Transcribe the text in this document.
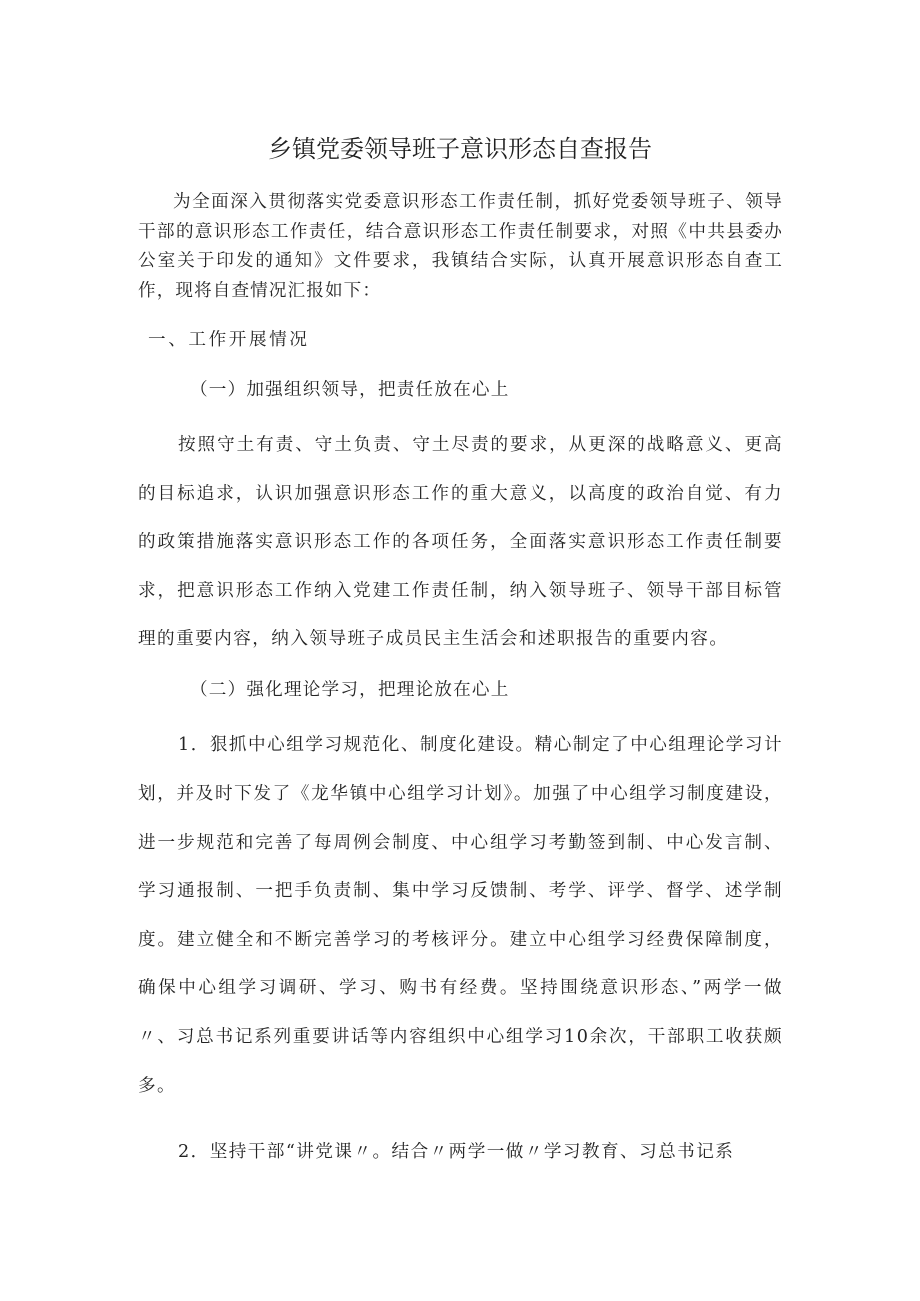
乡镇党委领导班子意识形态自查报告

为全面深入贯彻落实党委意识形态工作责任制，抓好党委领导班子、领导干部的意识形态工作责任，结合意识形态工作责任制要求，对照《中共县委办公室关于印发的通知》文件要求，我镇结合实际，认真开展意识形态自查工作，现将自查情况汇报如下：

一、工作开展情况

（一）加强组织领导，把责任放在心上

按照守土有责、守土负责、守土尽责的要求，从更深的战略意义、更高的目标追求，认识加强意识形态工作的重大意义，以高度的政治自觉、有力的政策措施落实意识形态工作的各项任务，全面落实意识形态工作责任制要求，把意识形态工作纳入党建工作责任制，纳入领导班子、领导干部目标管理的重要内容，纳入领导班子成员民主生活会和述职报告的重要内容。

（二）强化理论学习，把理论放在心上

1．狠抓中心组学习规范化、制度化建设。精心制定了中心组理论学习计划，并及时下发了《龙华镇中心组学习计划》。加强了中心组学习制度建设，进一步规范和完善了每周例会制度、中心组学习考勤签到制、中心发言制、学习通报制、一把手负责制、集中学习反馈制、考学、评学、督学、述学制度。建立健全和不断完善学习的考核评分。建立中心组学习经费保障制度，确保中心组学习调研、学习、购书有经费。坚持围绕意识形态、”两学一做〃、习总书记系列重要讲话等内容组织中心组学习10余次，干部职工收获颇多。

2．坚持干部“讲党课〃。结合〃两学一做〃学习教育、习总书记系
